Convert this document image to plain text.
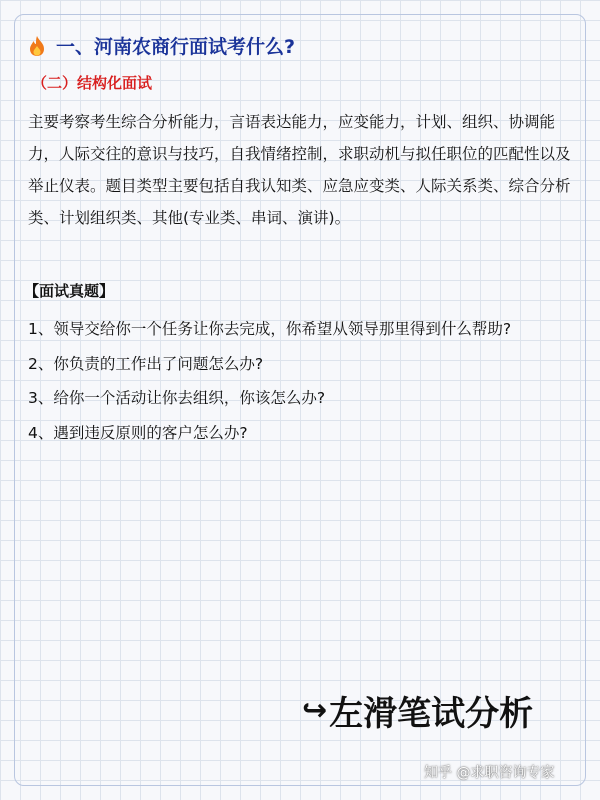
一、河南农商行面试考什么?
（二）结构化面试

主要考察考生综合分析能力，言语表达能力，应变能力，计划、组织、协调能力，人际交往的意识与技巧，自我情绪控制，求职动机与拟任职位的匹配性以及举止仪表。题目类型主要包括自我认知类、应急应变类、人际关系类、综合分析类、计划组织类、其他(专业类、串词、演讲)。

【面试真题】
1、领导交给你一个任务让你去完成，你希望从领导那里得到什么帮助?
2、你负责的工作出了问题怎么办?
3、给你一个活动让你去组织，你该怎么办?
4、遇到违反原则的客户怎么办?
↪ 左滑笔试分析
知乎 @求职咨询专家
